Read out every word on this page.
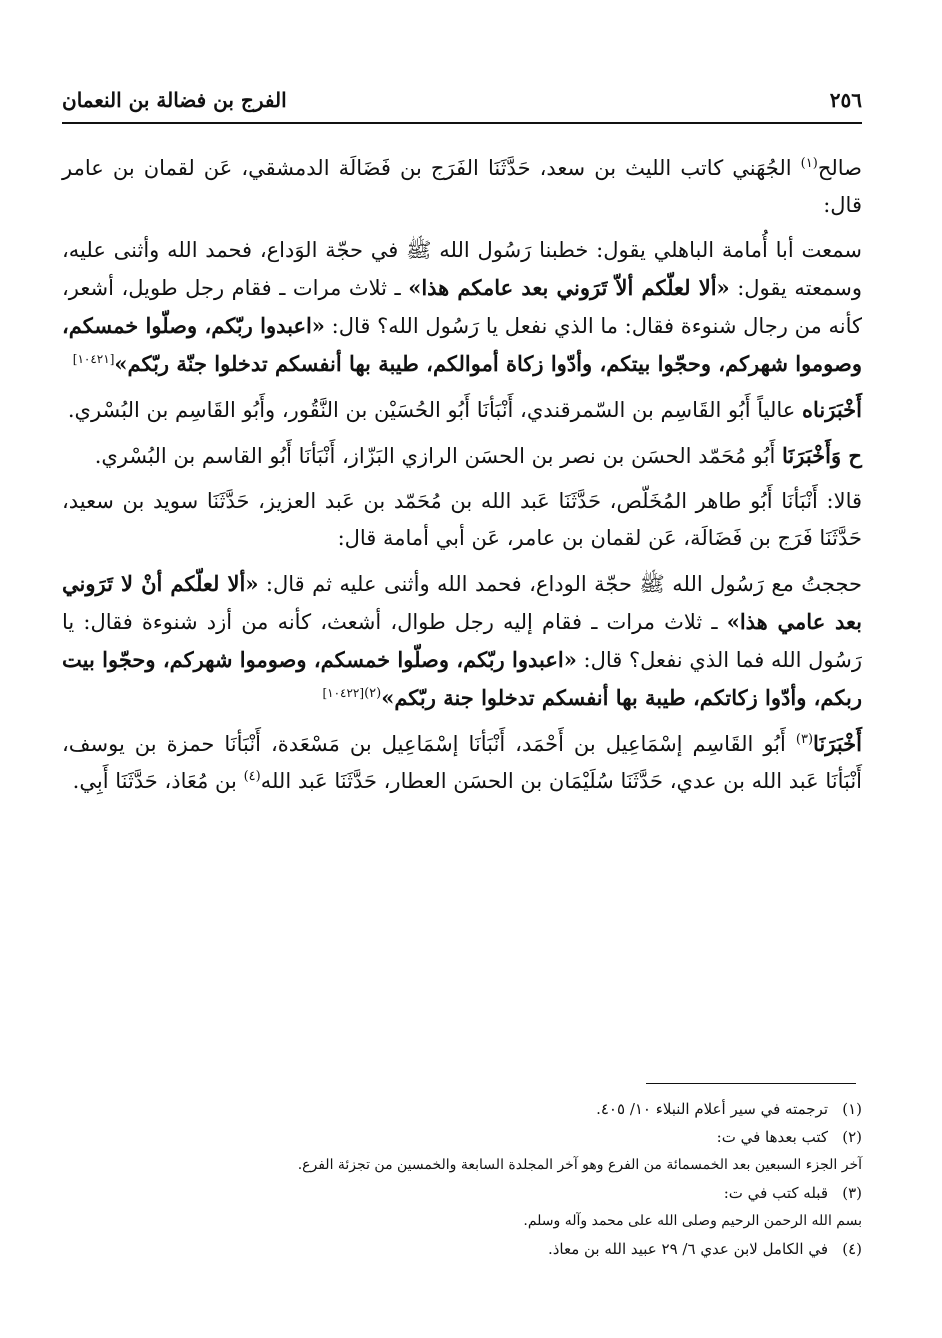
٢٥٦
الفرج بن فضالة بن النعمان

صالح$^{(١)}$ الجُهَني كاتب الليث بن سعد، حَدَّثَنَا الفَرَج بن فَضَالَة الدمشقي، عَن لقمان بن عامر قال:

سمعت أبا أُمامة الباهلي يقول: خطبنا رَسُول الله ﷺ في حجّة الوَداع، فحمد الله وأثنى عليه، وسمعته يقول: «ألا لعلّكم ألاّ تَرَوني بعد عامكم هذا» ـ ثلاث مرات ـ فقام رجل طويل، أشعر، كأنه من رجال شنوءة فقال: ما الذي نفعل يا رَسُول الله؟ قال: «اعبدوا ربّكم، وصلّوا خمسكم، وصوموا شهركم، وحجّوا بيتكم، وأدّوا زكاة أموالكم، طيبة بها أنفسكم تدخلوا جنّة ربّكم»[١٠٤٢١]

أَخْبَرَناه عالياً أَبُو القَاسِم بن السّمرقندي، أَنْبَأنَا أَبُو الحُسَيْن بن النَّقُور، وأَبُو القَاسِم بن البُسْري.

ح وَأَخْبَرَنَا أَبُو مُحَمّد الحسَن بن نصر بن الحسَن الرازي البَزّاز، أَنْبَأنَا أَبُو القاسم بن البُسْري.

قالا: أَنْبَأنَا أَبُو طاهر المُخَلّص، حَدَّثَنَا عَبد الله بن مُحَمّد بن عَبد العزيز، حَدَّثَنَا سويد بن سعيد، حَدَّثَنَا فَرَج بن فَضَالَة، عَن لقمان بن عامر، عَن أبي أمامة قال:

حججتُ مع رَسُول الله ﷺ حجّة الوداع، فحمد الله وأثنى عليه ثم قال: «ألا لعلّكم أنْ لا تَرَوني بعد عامي هذا» ـ ثلاث مرات ـ فقام إليه رجل طوال، أشعث، كأنه من أزد شنوءة فقال: يا رَسُول الله فما الذي نفعل؟ قال: «اعبدوا ربّكم، وصلّوا خمسكم، وصوموا شهركم، وحجّوا بيت ربكم، وأدّوا زكاتكم، طيبة بها أنفسكم تدخلوا جنة ربّكم»$^{(٢)[١٠٤٢٢]}$

أَخْبَرَنَا$^{(٣)}$ أَبُو القَاسِم إسْمَاعِيل بن أَحْمَد، أَنْبَأنَا إسْمَاعِيل بن مَسْعَدة، أَنْبَأنَا حمزة بن يوسف، أَنْبَأنَا عَبد الله بن عدي، حَدَّثَنَا سُلَيْمَان بن الحسَن العطار، حَدَّثَنَا عَبد الله$^{(٤)}$ بن مُعَاذ، حَدَّثَنَا أَبِي.

(١)ترجمته في سير أعلام النبلاء ١٠/ ٤٠٥.

(٢)كتب بعدها في ت:

آخر الجزء السبعين بعد الخمسمائة من الفرع وهو آخر المجلدة السابعة والخمسين من تجزئة الفرع.

(٣)قبله كتب في ت:

بسم الله الرحمن الرحيم وصلى الله على محمد وآله وسلم.

(٤)في الكامل لابن عدي ٦/ ٢٩ عبيد الله بن معاذ.
